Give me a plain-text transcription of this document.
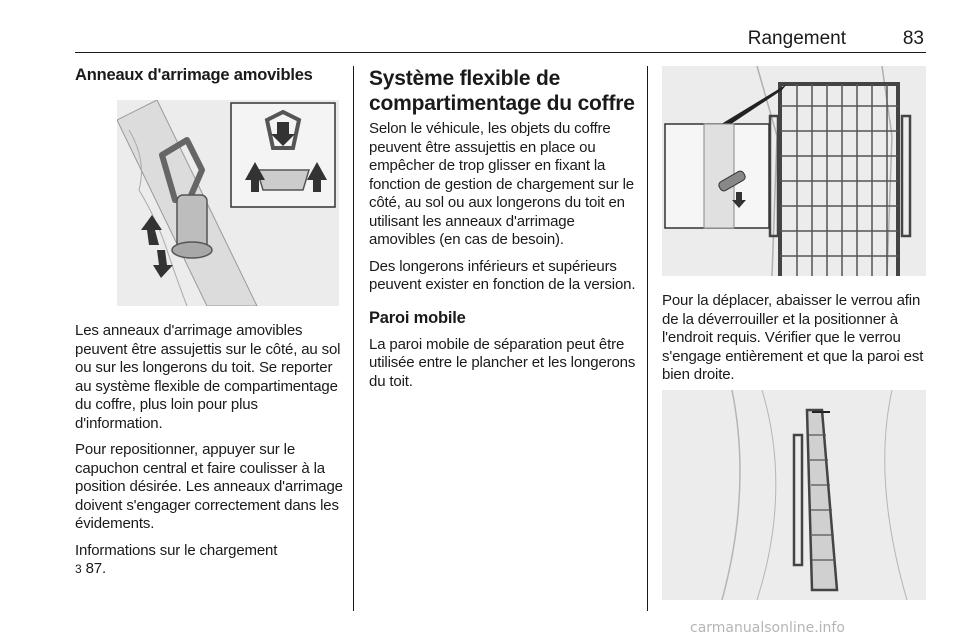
Rangement	83
Anneaux d'arrimage amovibles

Les anneaux d'arrimage amovibles peuvent être assujettis sur le côté, au sol ou sur les longerons du toit. Se reporter au système flexible de compartimentage du coffre, plus loin pour plus d'information.

Pour repositionner, appuyer sur le capuchon central et faire coulisser à la position désirée. Les anneaux d'arrimage doivent s'engager correctement dans les évidements.

Informations sur le chargement
3 87.

Système flexible de compartimentage du coffre

Selon le véhicule, les objets du coffre peuvent être assujettis en place ou empêcher de trop glisser en fixant la fonction de gestion de chargement sur le côté, au sol ou aux longerons du toit en utilisant les anneaux d'arrimage amovibles (en cas de besoin).

Des longerons inférieurs et supérieurs peuvent exister en fonction de la version.

Paroi mobile

La paroi mobile de séparation peut être utilisée entre le plancher et les longerons du toit.

Pour la déplacer, abaisser le verrou afin de la déverrouiller et la positionner à l'endroit requis. Vérifier que le verrou s'engage entièrement et que la paroi est bien droite.

carmanualsonline.info
